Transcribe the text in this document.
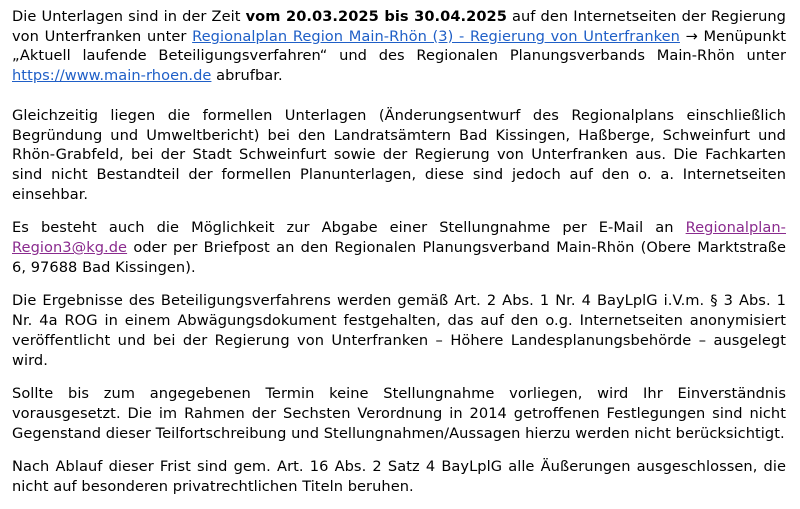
Die Unterlagen sind in der Zeit vom 20.03.2025 bis 30.04.2025 auf den Internetseiten der Regierung von Unterfranken unter Regionalplan Region Main-Rhön (3) - Regierung von Unterfranken → Menüpunkt „Aktuell laufende Beteiligungsverfahren“ und des Regionalen Planungsverbands Main-Rhön unter https://www.main-rhoen.de abrufbar.

Gleichzeitig liegen die formellen Unterlagen (Änderungsentwurf des Regionalplans einschließlich Begründung und Umweltbericht) bei den Landratsämtern Bad Kissingen, Haßberge, Schweinfurt und Rhön-Grabfeld, bei der Stadt Schweinfurt sowie der Regierung von Unterfranken aus. Die Fachkarten sind nicht Bestandteil der formellen Planunterlagen, diese sind jedoch auf den o. a. Internetseiten einsehbar.

Es besteht auch die Möglichkeit zur Abgabe einer Stellungnahme per E-Mail an Regionalplan-Region3@kg.de oder per Briefpost an den Regionalen Planungsverband Main-Rhön (Obere Marktstraße 6, 97688 Bad Kissingen).

Die Ergebnisse des Beteiligungsverfahrens werden gemäß Art. 2 Abs. 1 Nr. 4 BayLplG i.V.m. § 3 Abs. 1 Nr. 4a ROG in einem Abwägungsdokument festgehalten, das auf den o.g. Internetseiten anonymisiert veröffentlicht und bei der Regierung von Unterfranken – Höhere Landesplanungsbehörde – ausgelegt wird.

Sollte bis zum angegebenen Termin keine Stellungnahme vorliegen, wird Ihr Einverständnis vorausgesetzt. Die im Rahmen der Sechsten Verordnung in 2014 getroffenen Festlegungen sind nicht Gegenstand dieser Teilfortschreibung und Stellungnahmen/Aussagen hierzu werden nicht berücksichtigt.

Nach Ablauf dieser Frist sind gem. Art. 16 Abs. 2 Satz 4 BayLplG alle Äußerungen ausgeschlossen, die nicht auf besonderen privatrechtlichen Titeln beruhen.
